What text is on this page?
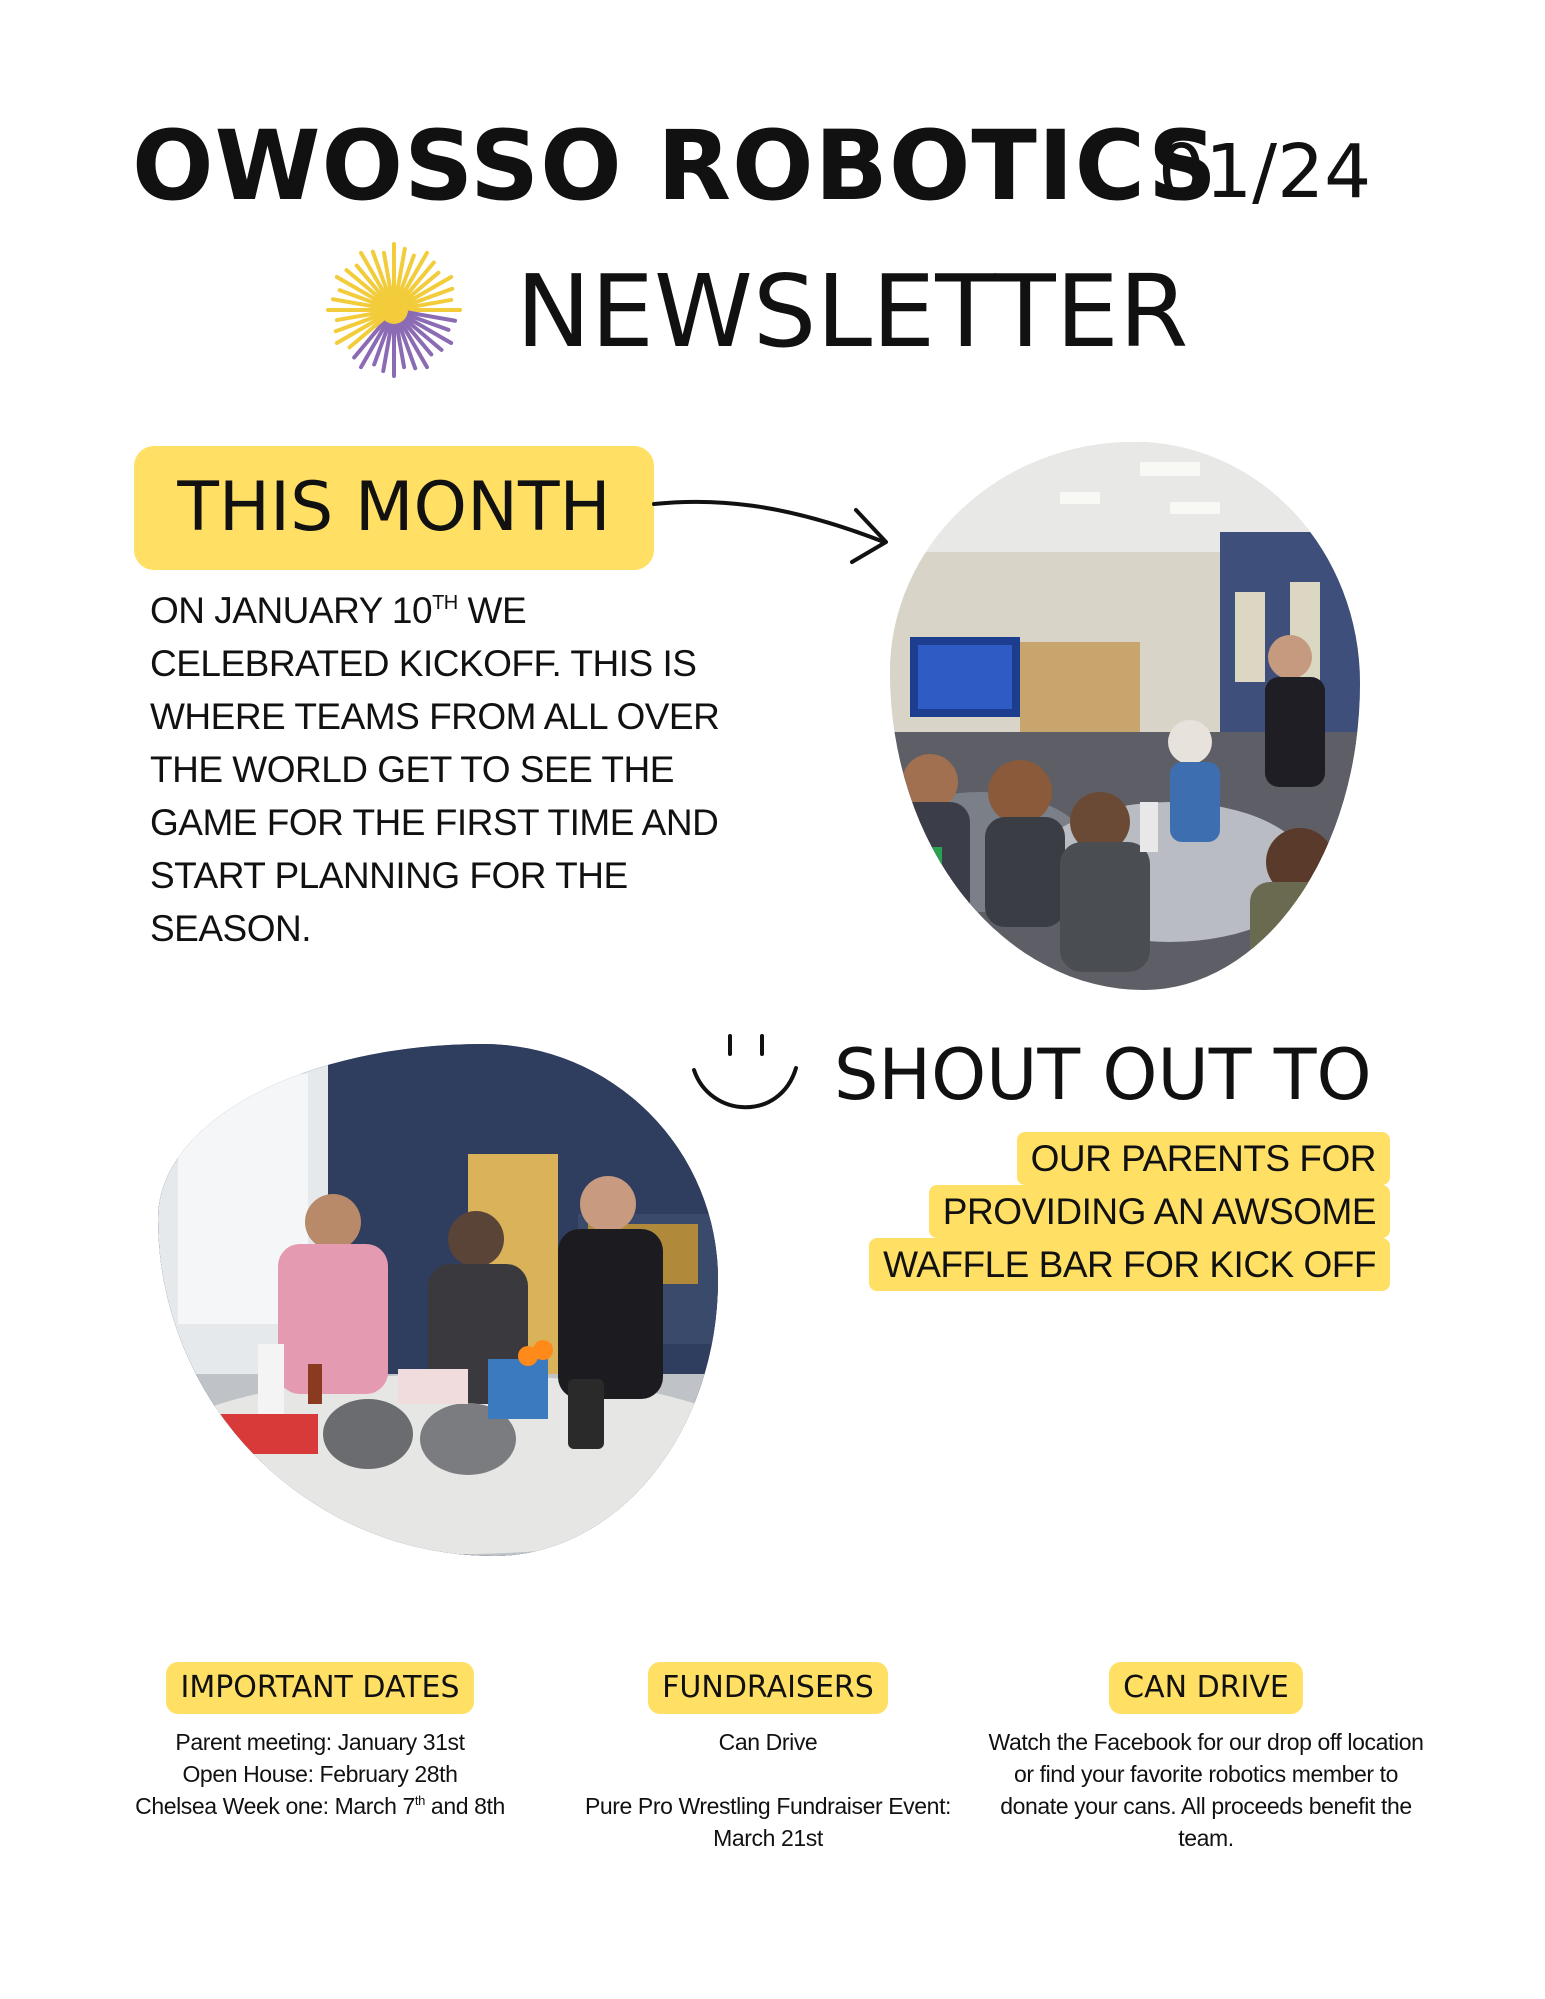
OWOSSO ROBOTICS
01/24
NEWSLETTER
THIS MONTH
ON JANUARY 10TH WE CELEBRATED KICKOFF. THIS IS WHERE TEAMS FROM ALL OVER THE WORLD GET TO SEE THE GAME FOR THE FIRST TIME AND START PLANNING FOR THE SEASON.
SHOUT OUT TO
OUR PARENTS FOR
PROVIDING AN AWSOME
WAFFLE BAR FOR KICK OFF
IMPORTANT DATES
Parent meeting: January 31st
Open House: February 28th
Chelsea Week one: March 7th and 8th
FUNDRAISERS
Can Drive
Pure Pro Wrestling Fundraiser Event: March 21st
CAN DRIVE
Watch the Facebook for our drop off location or find your favorite robotics member to donate your cans. All proceeds benefit the team.
